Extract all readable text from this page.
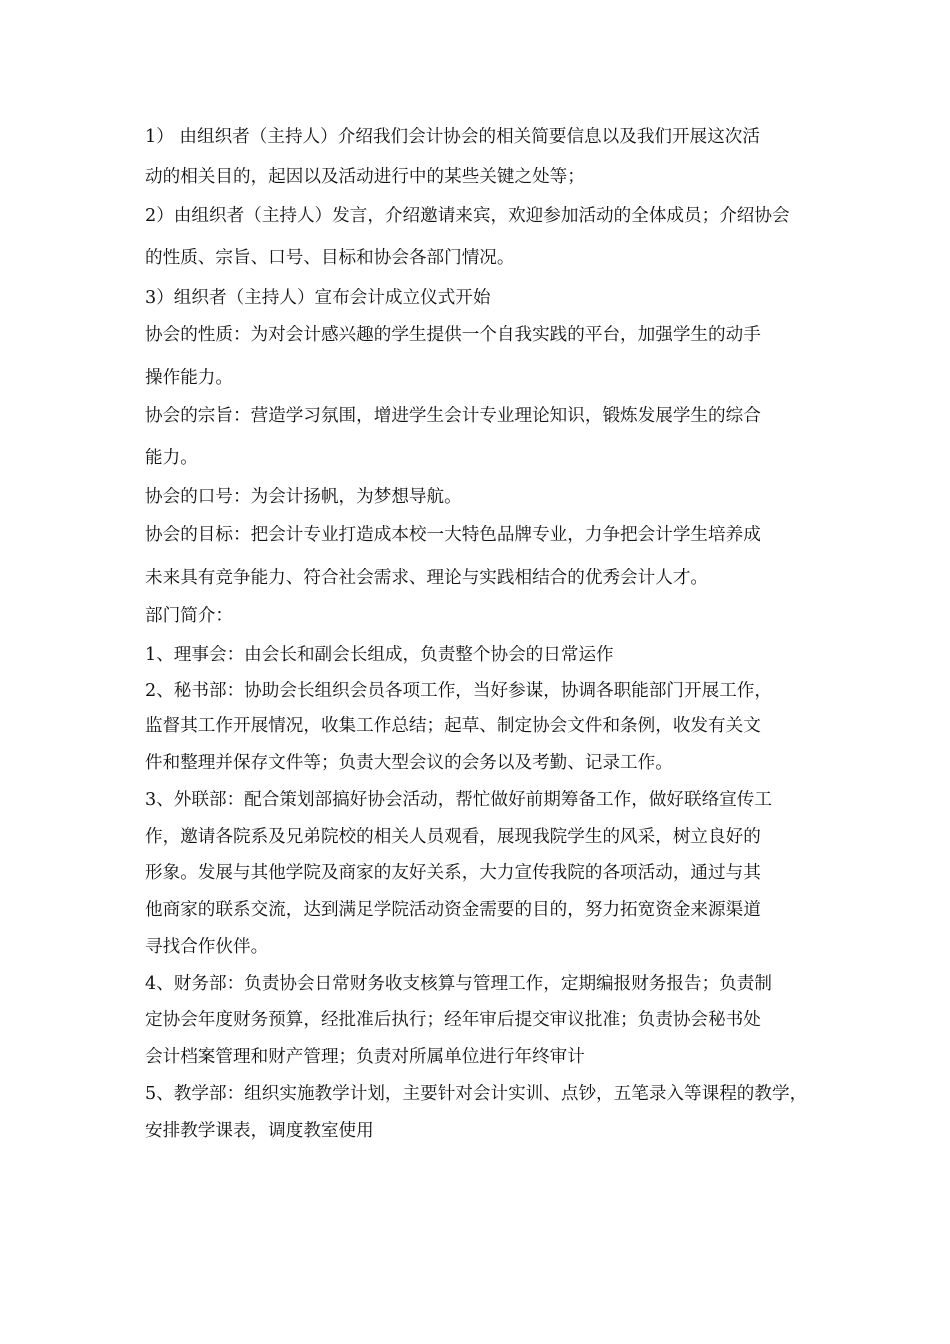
1） 由组织者（主持人）介绍我们会计协会的相关简要信息以及我们开展这次活
动的相关目的，起因以及活动进行中的某些关键之处等；
2）由组织者（主持人）发言，介绍邀请来宾，欢迎参加活动的全体成员；介绍协会
的性质、宗旨、口号、目标和协会各部门情况。
3）组织者（主持人）宣布会计成立仪式开始
协会的性质：为对会计感兴趣的学生提供一个自我实践的平台，加强学生的动手
操作能力。
协会的宗旨：营造学习氛围，增进学生会计专业理论知识，锻炼发展学生的综合
能力。
协会的口号：为会计扬帆，为梦想导航。
协会的目标：把会计专业打造成本校一大特色品牌专业，力争把会计学生培养成
未来具有竞争能力、符合社会需求、理论与实践相结合的优秀会计人才。
部门简介：
1、理事会：由会长和副会长组成，负责整个协会的日常运作
2、秘书部：协助会长组织会员各项工作，当好参谋，协调各职能部门开展工作，
监督其工作开展情况，收集工作总结；起草、制定协会文件和条例，收发有关文
件和整理并保存文件等；负责大型会议的会务以及考勤、记录工作。
3、外联部：配合策划部搞好协会活动，帮忙做好前期筹备工作，做好联络宣传工
作，邀请各院系及兄弟院校的相关人员观看，展现我院学生的风采，树立良好的
形象。发展与其他学院及商家的友好关系，大力宣传我院的各项活动，通过与其
他商家的联系交流，达到满足学院活动资金需要的目的，努力拓宽资金来源渠道
寻找合作伙伴。
4、财务部：负责协会日常财务收支核算与管理工作，定期编报财务报告；负责制
定协会年度财务预算，经批准后执行；经年审后提交审议批准；负责协会秘书处
会计档案管理和财产管理；负责对所属单位进行年终审计
5、教学部：组织实施教学计划，主要针对会计实训、点钞，五笔录入等课程的教学，
安排教学课表，调度教室使用
